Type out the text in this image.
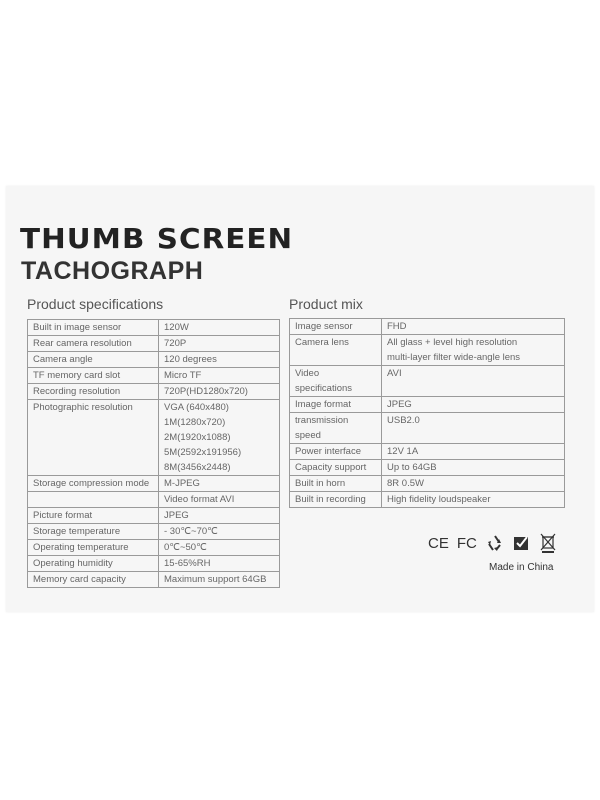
THUMB SCREEN
TACHOGRAPH
Product specifications	Product mix
Built in image sensor	120W
Rear camera resolution	720P
Camera angle	120 degrees
TF memory card slot	Micro TF
Recording resolution	720P(HD1280x720)
Photographic resolution	VGA (640x480)
1M(1280x720)
2M(1920x1088)
5M(2592x191956)
8M(3456x2448)
Storage compression mode	M-JPEG
	Video format AVI
Picture format	JPEG
Storage temperature	- 30℃~70℃
Operating temperature	0℃~50℃
Operating humidity	15-65%RH
Memory card capacity	Maximum support 64GB
Image sensor	FHD
Camera lens	All glass + level high resolution
multi-layer filter wide-angle lens
Video specifications	AVI
Image format	JPEG
transmission speed	USB2.0
Power interface	12V 1A
Capacity support	Up to 64GB
Built in horn	8R 0.5W
Built in recording	High fidelity loudspeaker
CE FC

Made in China
